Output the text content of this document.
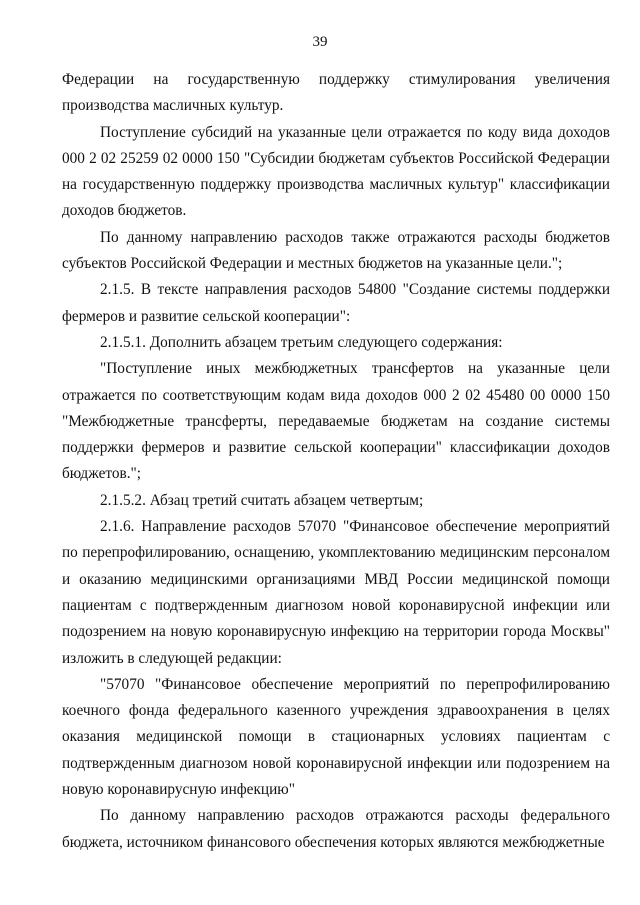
39

Федерации на государственную поддержку стимулирования увеличения производства масличных культур.

Поступление субсидий на указанные цели отражается по коду вида доходов 000 2 02 25259 02 0000 150 "Субсидии бюджетам субъектов Российской Федерации на государственную поддержку производства масличных культур" классификации доходов бюджетов.

По данному направлению расходов также отражаются расходы бюджетов субъектов Российской Федерации и местных бюджетов на указанные цели.";

2.1.5. В тексте направления расходов 54800 "Создание системы поддержки фермеров и развитие сельской кооперации":

2.1.5.1. Дополнить абзацем третьим следующего содержания:

"Поступление иных межбюджетных трансфертов на указанные цели отражается по соответствующим кодам вида доходов 000 2 02 45480 00 0000 150 "Межбюджетные трансферты, передаваемые бюджетам на создание системы поддержки фермеров и развитие сельской кооперации" классификации доходов бюджетов.";

2.1.5.2. Абзац третий считать абзацем четвертым;

2.1.6. Направление расходов 57070 "Финансовое обеспечение мероприятий по перепрофилированию, оснащению, укомплектованию медицинским персоналом и оказанию медицинскими организациями МВД России медицинской помощи пациентам с подтвержденным диагнозом новой коронавирусной инфекции или подозрением на новую коронавирусную инфекцию на территории города Москвы" изложить в следующей редакции:

"57070 "Финансовое обеспечение мероприятий по перепрофилированию коечного фонда федерального казенного учреждения здравоохранения в целях оказания медицинской помощи в стационарных условиях пациентам с подтвержденным диагнозом новой коронавирусной инфекции или подозрением на новую коронавирусную инфекцию"

По данному направлению расходов отражаются расходы федерального бюджета, источником финансового обеспечения которых являются межбюджетные
